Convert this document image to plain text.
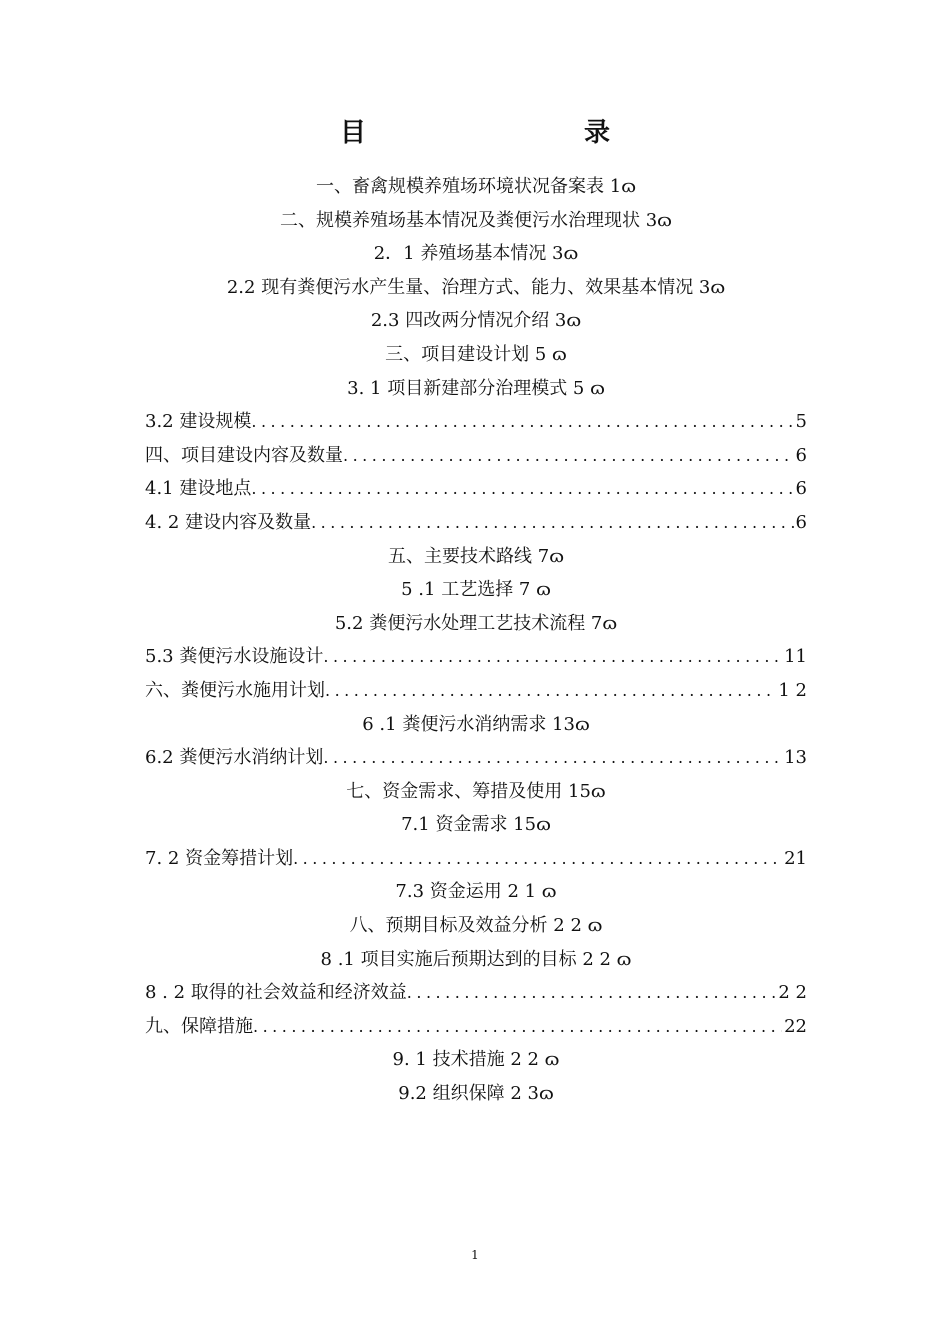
目	录
一、畜禽规模养殖场环境状况备案表 1ɷ
二、规模养殖场基本情况及粪便污水治理现状 3ɷ
2．1 养殖场基本情况 3ɷ
2.2 现有粪便污水产生量、治理方式、能力、效果基本情况 3ɷ
2.3 四改两分情况介绍 3ɷ
三、项目建设计划 5 ɷ
3. 1 项目新建部分治理模式 5 ɷ
3.2 建设规模 .....	5
四、项目建设内容及数量 .....	6
4.1 建设地点 .....	6
4. 2 建设内容及数量 .....	6
五、主要技术路线 7ɷ
5 .1 工艺选择 7 ɷ
5.2 粪便污水处理工艺技术流程 7ɷ
5.3 粪便污水设施设计 .....	11
六、粪便污水施用计划 .....	1 2
6 .1 粪便污水消纳需求 13ɷ
6.2 粪便污水消纳计划 .....	13
七、资金需求、筹措及使用 15ɷ
7.1 资金需求 15ɷ
7. 2 资金筹措计划 .....	21
7.3 资金运用 2 1 ɷ
八、预期目标及效益分析 2 2 ɷ
8 .1 项目实施后预期达到的目标 2 2 ɷ
8 . 2 取得的社会效益和经济效益 .....	2 2
九、保障措施 .....	22
9. 1 技术措施 2 2 ɷ
9.2 组织保障 2 3ɷ
1
